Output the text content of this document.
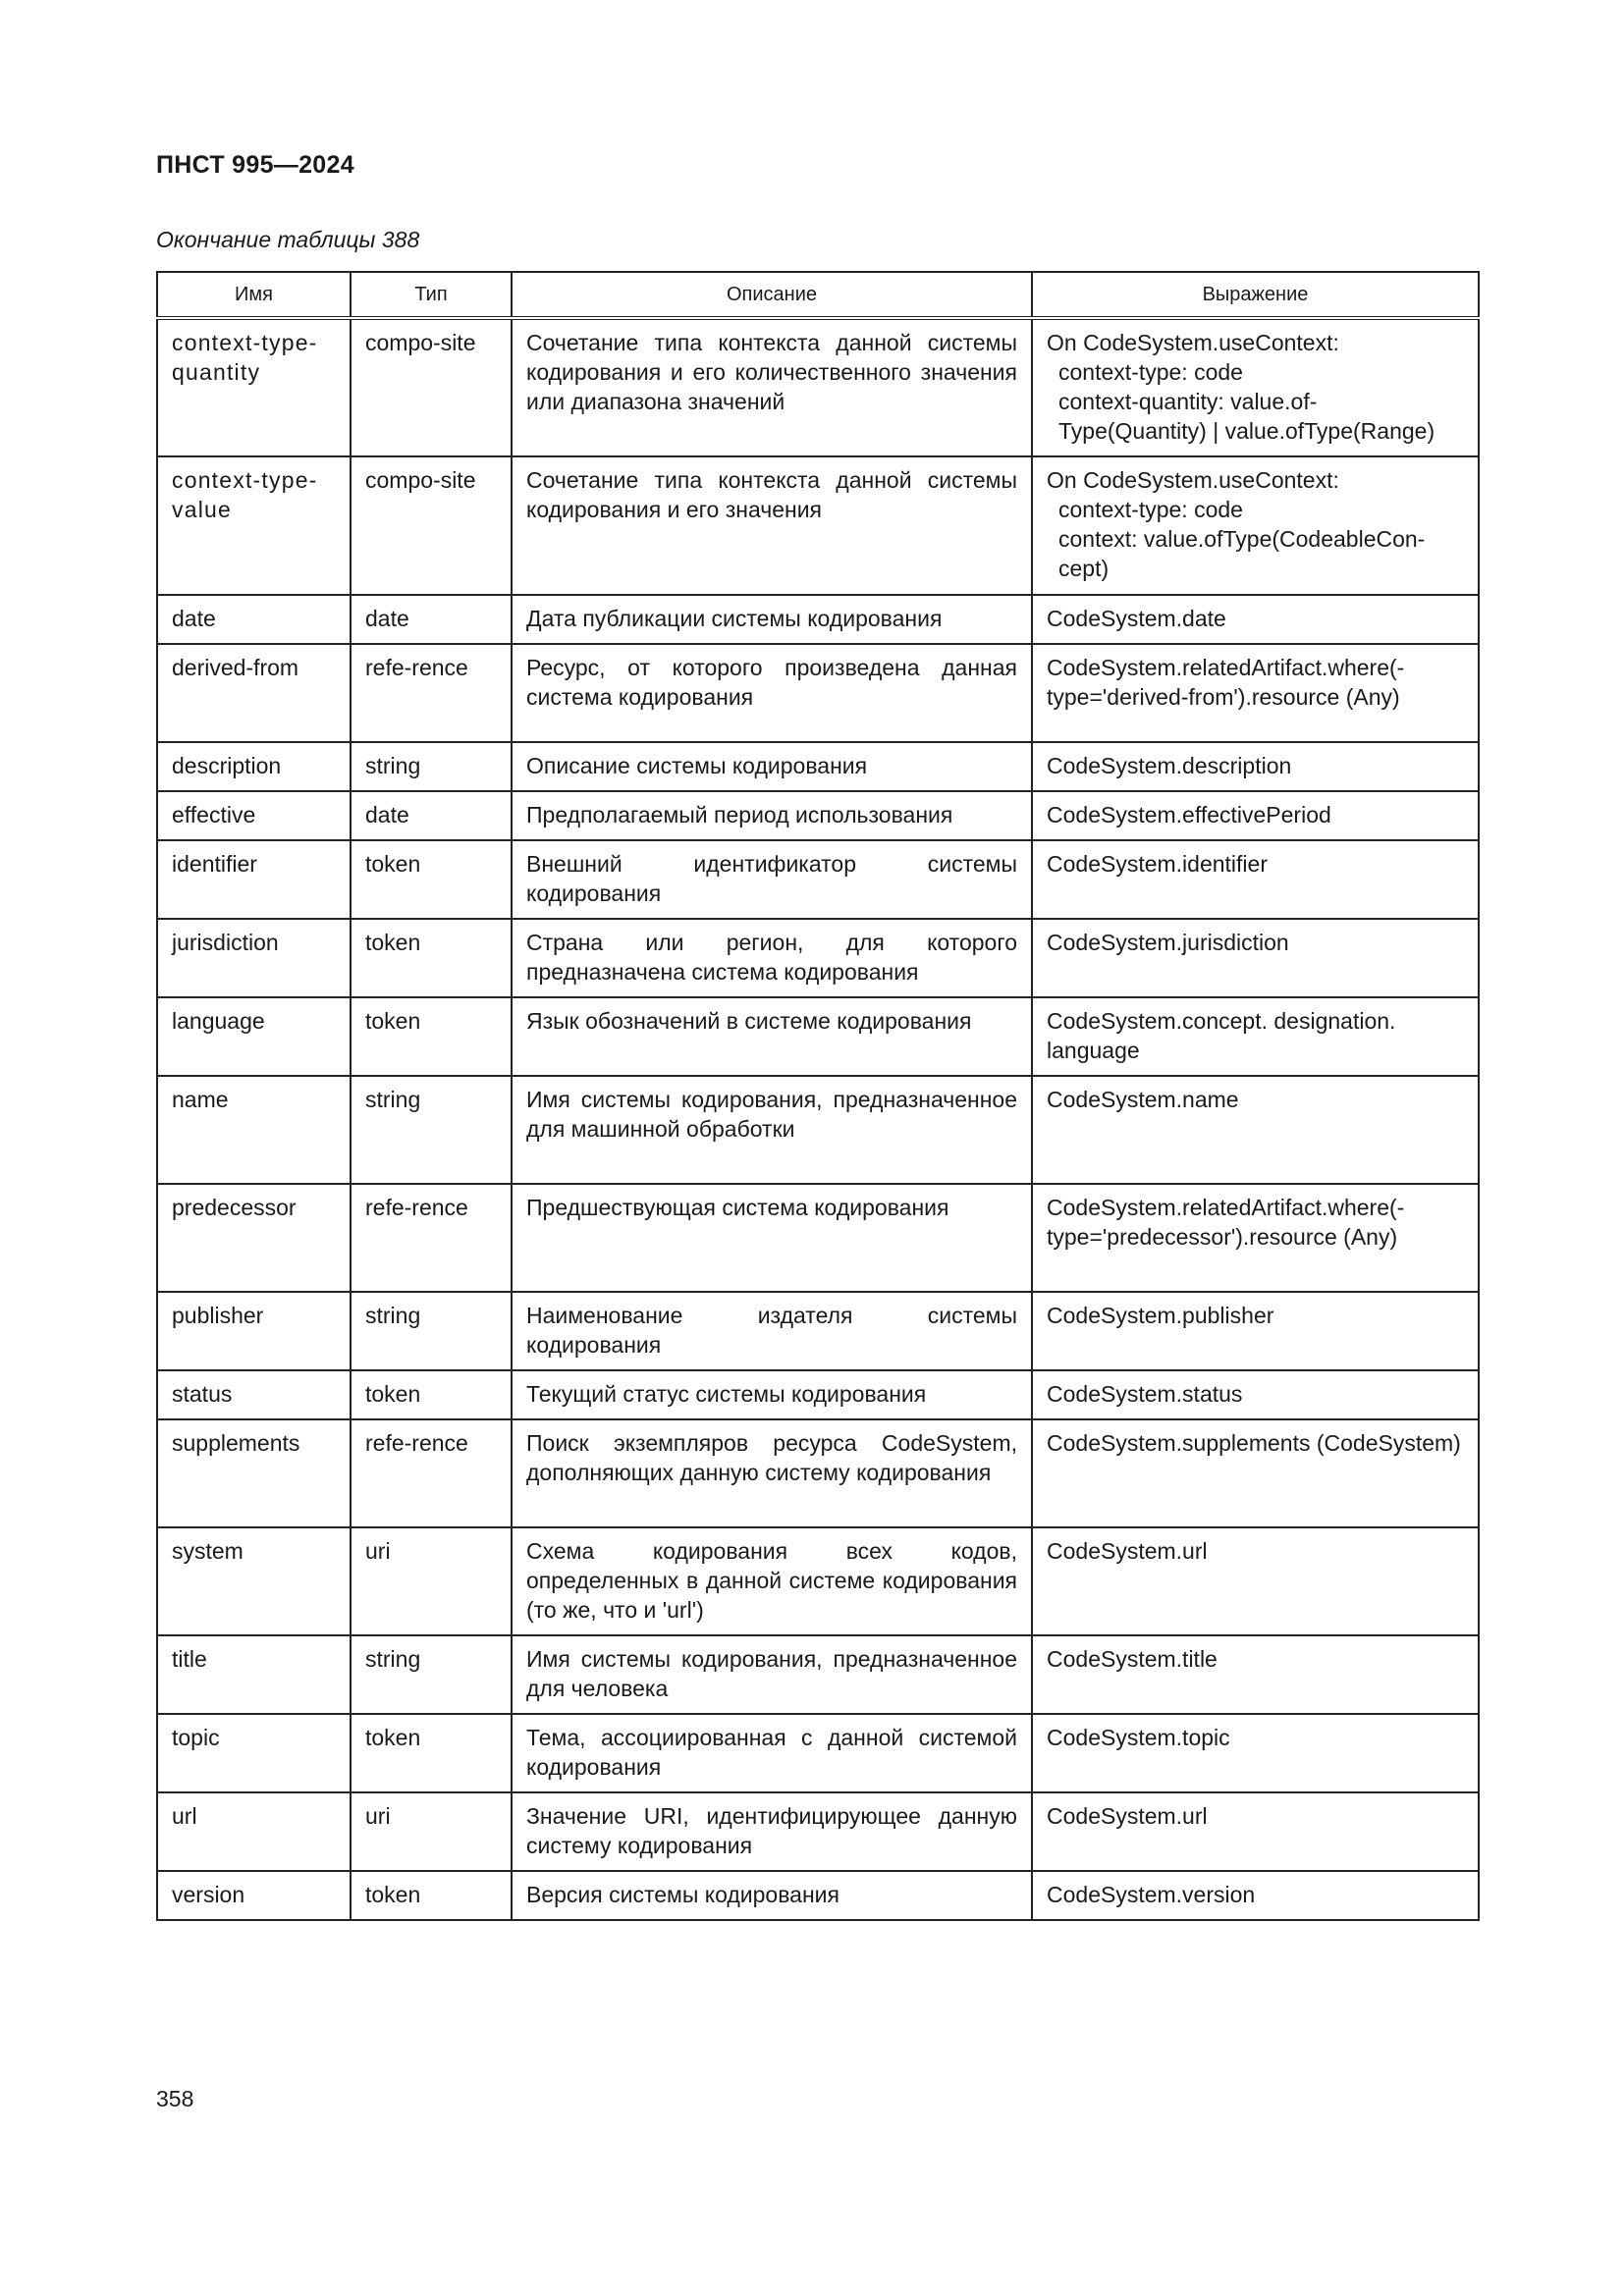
ПНСТ 995—2024
Окончание таблицы 388
Имя	Тип	Описание	Выражение
context-type-quantity	compo-site	Сочетание типа контекста данной системы кодирования и его количественного значения или диапазона значений	On CodeSystem.useContext:
context-type: code
context-quantity: value.of-Type(Quantity) | value.ofType(Range)

context-type-value	compo-site	Сочетание типа контекста данной системы кодирования и его значения	On CodeSystem.useContext:
context-type: code
context: value.ofType(CodeableCon-cept)

date	date	Дата публикации системы кодирования	CodeSystem.date

derived-from	refe-rence	Ресурс, от которого произведена данная система кодирования	CodeSystem.relatedArtifact.where(-type='derived-from').resource (Any)

description	string	Описание системы кодирования	CodeSystem.description

effective	date	Предполагаемый период использования	CodeSystem.effectivePeriod

identifier	token	Внешний идентификатор системы кодирования	CodeSystem.identifier

jurisdiction	token	Страна или регион, для которого предназначена система кодирования	CodeSystem.jurisdiction

language	token	Язык обозначений в системе кодирования	CodeSystem.concept. designation. language

name	string	Имя системы кодирования, предназначенное для машинной обработки	CodeSystem.name

predecessor	refe-rence	Предшествующая система кодирования	CodeSystem.relatedArtifact.where(-type='predecessor').resource (Any)

publisher	string	Наименование издателя системы кодирования	CodeSystem.publisher

status	token	Текущий статус системы кодирования	CodeSystem.status

supplements	refe-rence	Поиск экземпляров ресурса CodeSystem, дополняющих данную систему кодирования	CodeSystem.supplements (CodeSystem)

system	uri	Схема кодирования всех кодов, определенных в данной системе кодирования (то же, что и 'url')	CodeSystem.url

title	string	Имя системы кодирования, предназначенное для человека	CodeSystem.title

topic	token	Тема, ассоциированная с данной системой кодирования	CodeSystem.topic

url	uri	Значение URI, идентифицирующее данную систему кодирования	CodeSystem.url

version	token	Версия системы кодирования	CodeSystem.version
358
